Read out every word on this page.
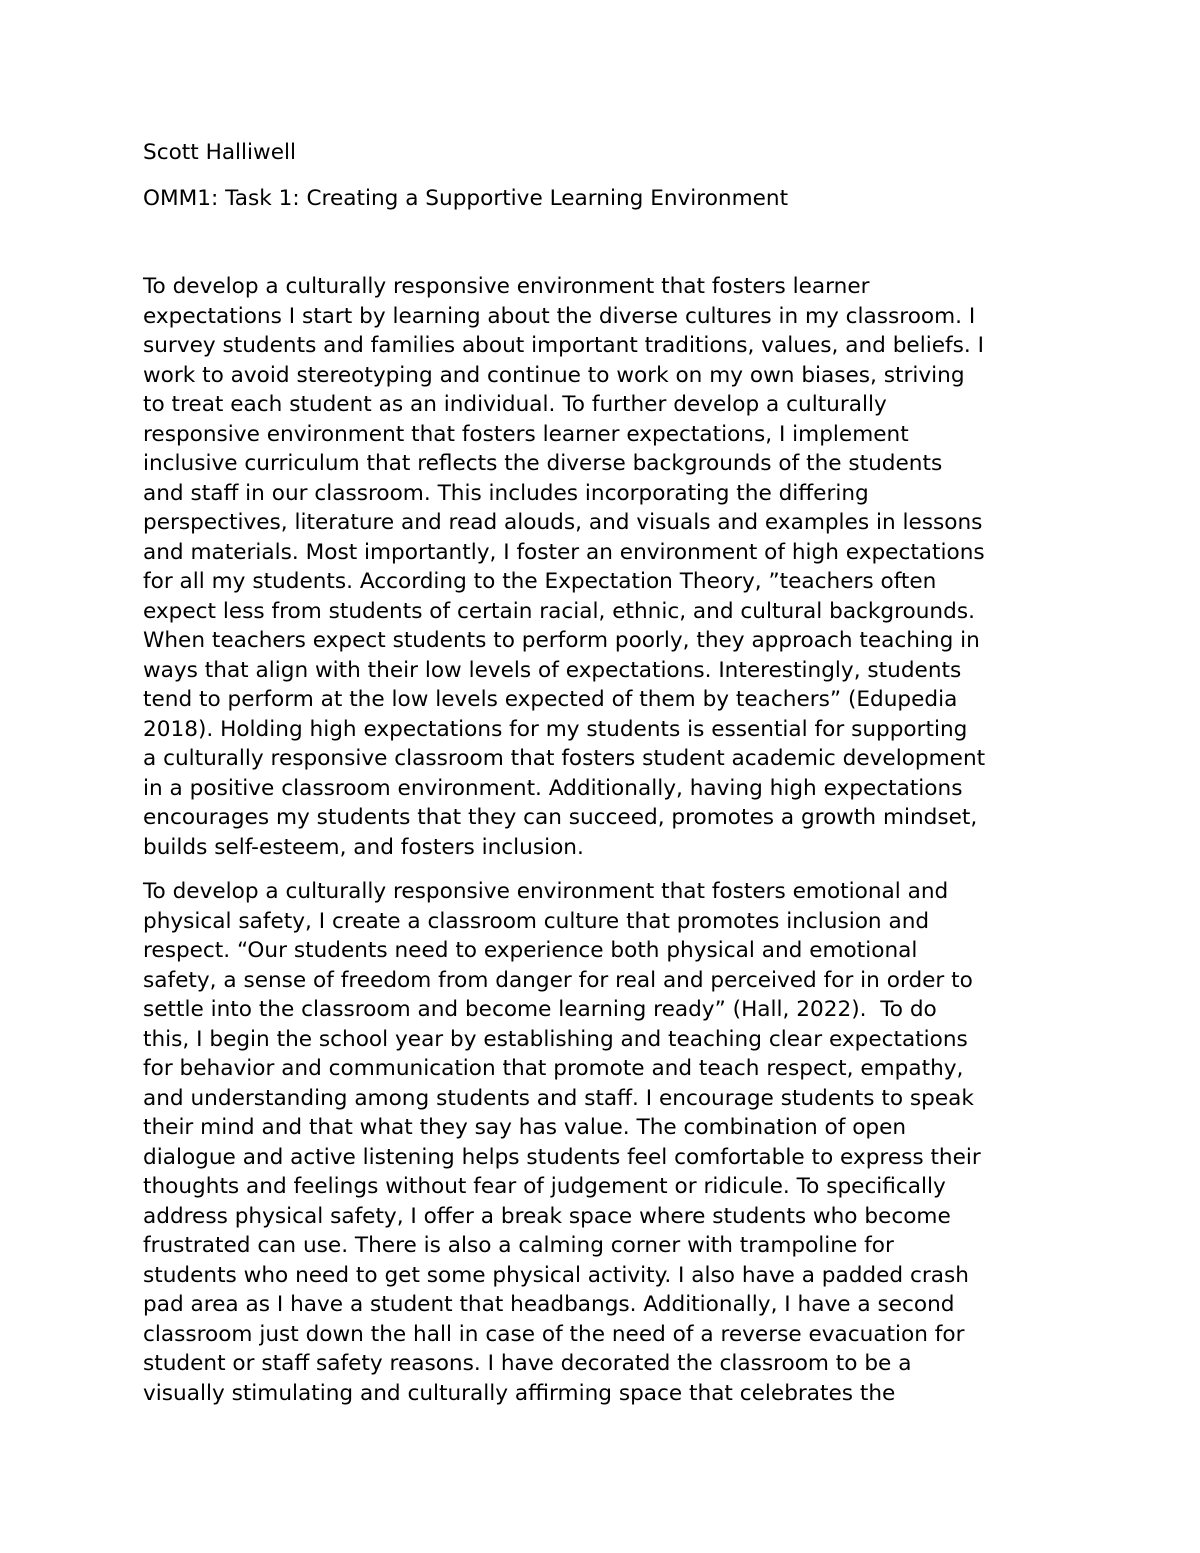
Scott Halliwell
OMM1: Task 1: Creating a Supportive Learning Environment
To develop a culturally responsive environment that fosters learner
expectations I start by learning about the diverse cultures in my classroom. I
survey students and families about important traditions, values, and beliefs. I
work to avoid stereotyping and continue to work on my own biases, striving
to treat each student as an individual. To further develop a culturally
responsive environment that fosters learner expectations, I implement
inclusive curriculum that reflects the diverse backgrounds of the students
and staff in our classroom. This includes incorporating the differing
perspectives, literature and read alouds, and visuals and examples in lessons
and materials. Most importantly, I foster an environment of high expectations
for all my students. According to the Expectation Theory, ”teachers often
expect less from students of certain racial, ethnic, and cultural backgrounds.
When teachers expect students to perform poorly, they approach teaching in
ways that align with their low levels of expectations. Interestingly, students
tend to perform at the low levels expected of them by teachers” (Edupedia
2018). Holding high expectations for my students is essential for supporting
a culturally responsive classroom that fosters student academic development
in a positive classroom environment. Additionally, having high expectations
encourages my students that they can succeed, promotes a growth mindset,
builds self-esteem, and fosters inclusion.
To develop a culturally responsive environment that fosters emotional and
physical safety, I create a classroom culture that promotes inclusion and
respect. “Our students need to experience both physical and emotional
safety, a sense of freedom from danger for real and perceived for in order to
settle into the classroom and become learning ready” (Hall, 2022).  To do
this, I begin the school year by establishing and teaching clear expectations
for behavior and communication that promote and teach respect, empathy,
and understanding among students and staff. I encourage students to speak
their mind and that what they say has value. The combination of open
dialogue and active listening helps students feel comfortable to express their
thoughts and feelings without fear of judgement or ridicule. To specifically
address physical safety, I offer a break space where students who become
frustrated can use. There is also a calming corner with trampoline for
students who need to get some physical activity. I also have a padded crash
pad area as I have a student that headbangs. Additionally, I have a second
classroom just down the hall in case of the need of a reverse evacuation for
student or staff safety reasons. I have decorated the classroom to be a
visually stimulating and culturally affirming space that celebrates the
